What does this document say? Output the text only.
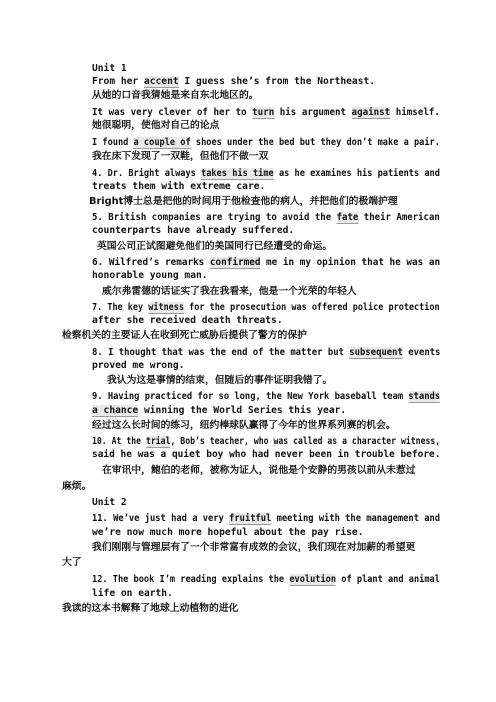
Unit 1
From her accent I guess she’s from the Northeast.
从她的口音我猜她是来自东北地区的。
It was very clever of her to turn his argument against himself.
她很聪明，使他对自己的论点
I found a couple of shoes under the bed but they don’t make a pair.
我在床下发现了一双鞋，但他们不做一双
4. Dr. Bright always takes his time as he examines his patients and
treats them with extreme care.
Bright博士总是把他的时间用于他检查他的病人，并把他们的极端护理
5. British companies are trying to avoid the fate their American
counterparts have already suffered.
英国公司正试图避免他们的美国同行已经遭受的命运。
6. Wilfred’s remarks confirmed me in my opinion that he was an
honorable young man.
威尔弗雷德的话证实了我在我看来，他是一个光荣的年轻人
7. The key witness for the prosecution was offered police protection
after she received death threats.
检察机关的主要证人在收到死亡威胁后提供了警方的保护
8. I thought that was the end of the matter but subsequent events
proved me wrong.
我认为这是事情的结束，但随后的事件证明我错了。
9. Having practiced for so long, the New York baseball team stands
a chance winning the World Series this year.
经过这么长时间的练习，纽约棒球队赢得了今年的世界系列赛的机会。
10. At the trial, Bob’s teacher, who was called as a character witness,
said he was a quiet boy who had never been in trouble before.
在审讯中，鲍伯的老师，被称为证人，说他是个安静的男孩以前从未惹过
麻烦。
Unit 2
11. We’ve just had a very fruitful meeting with the management and
we’re now much more hopeful about the pay rise.
我们刚刚与管理层有了一个非常富有成效的会议，我们现在对加薪的希望更
大了
12. The book I’m reading explains the evolution of plant and animal
life on earth.
我读的这本书解释了地球上动植物的进化
